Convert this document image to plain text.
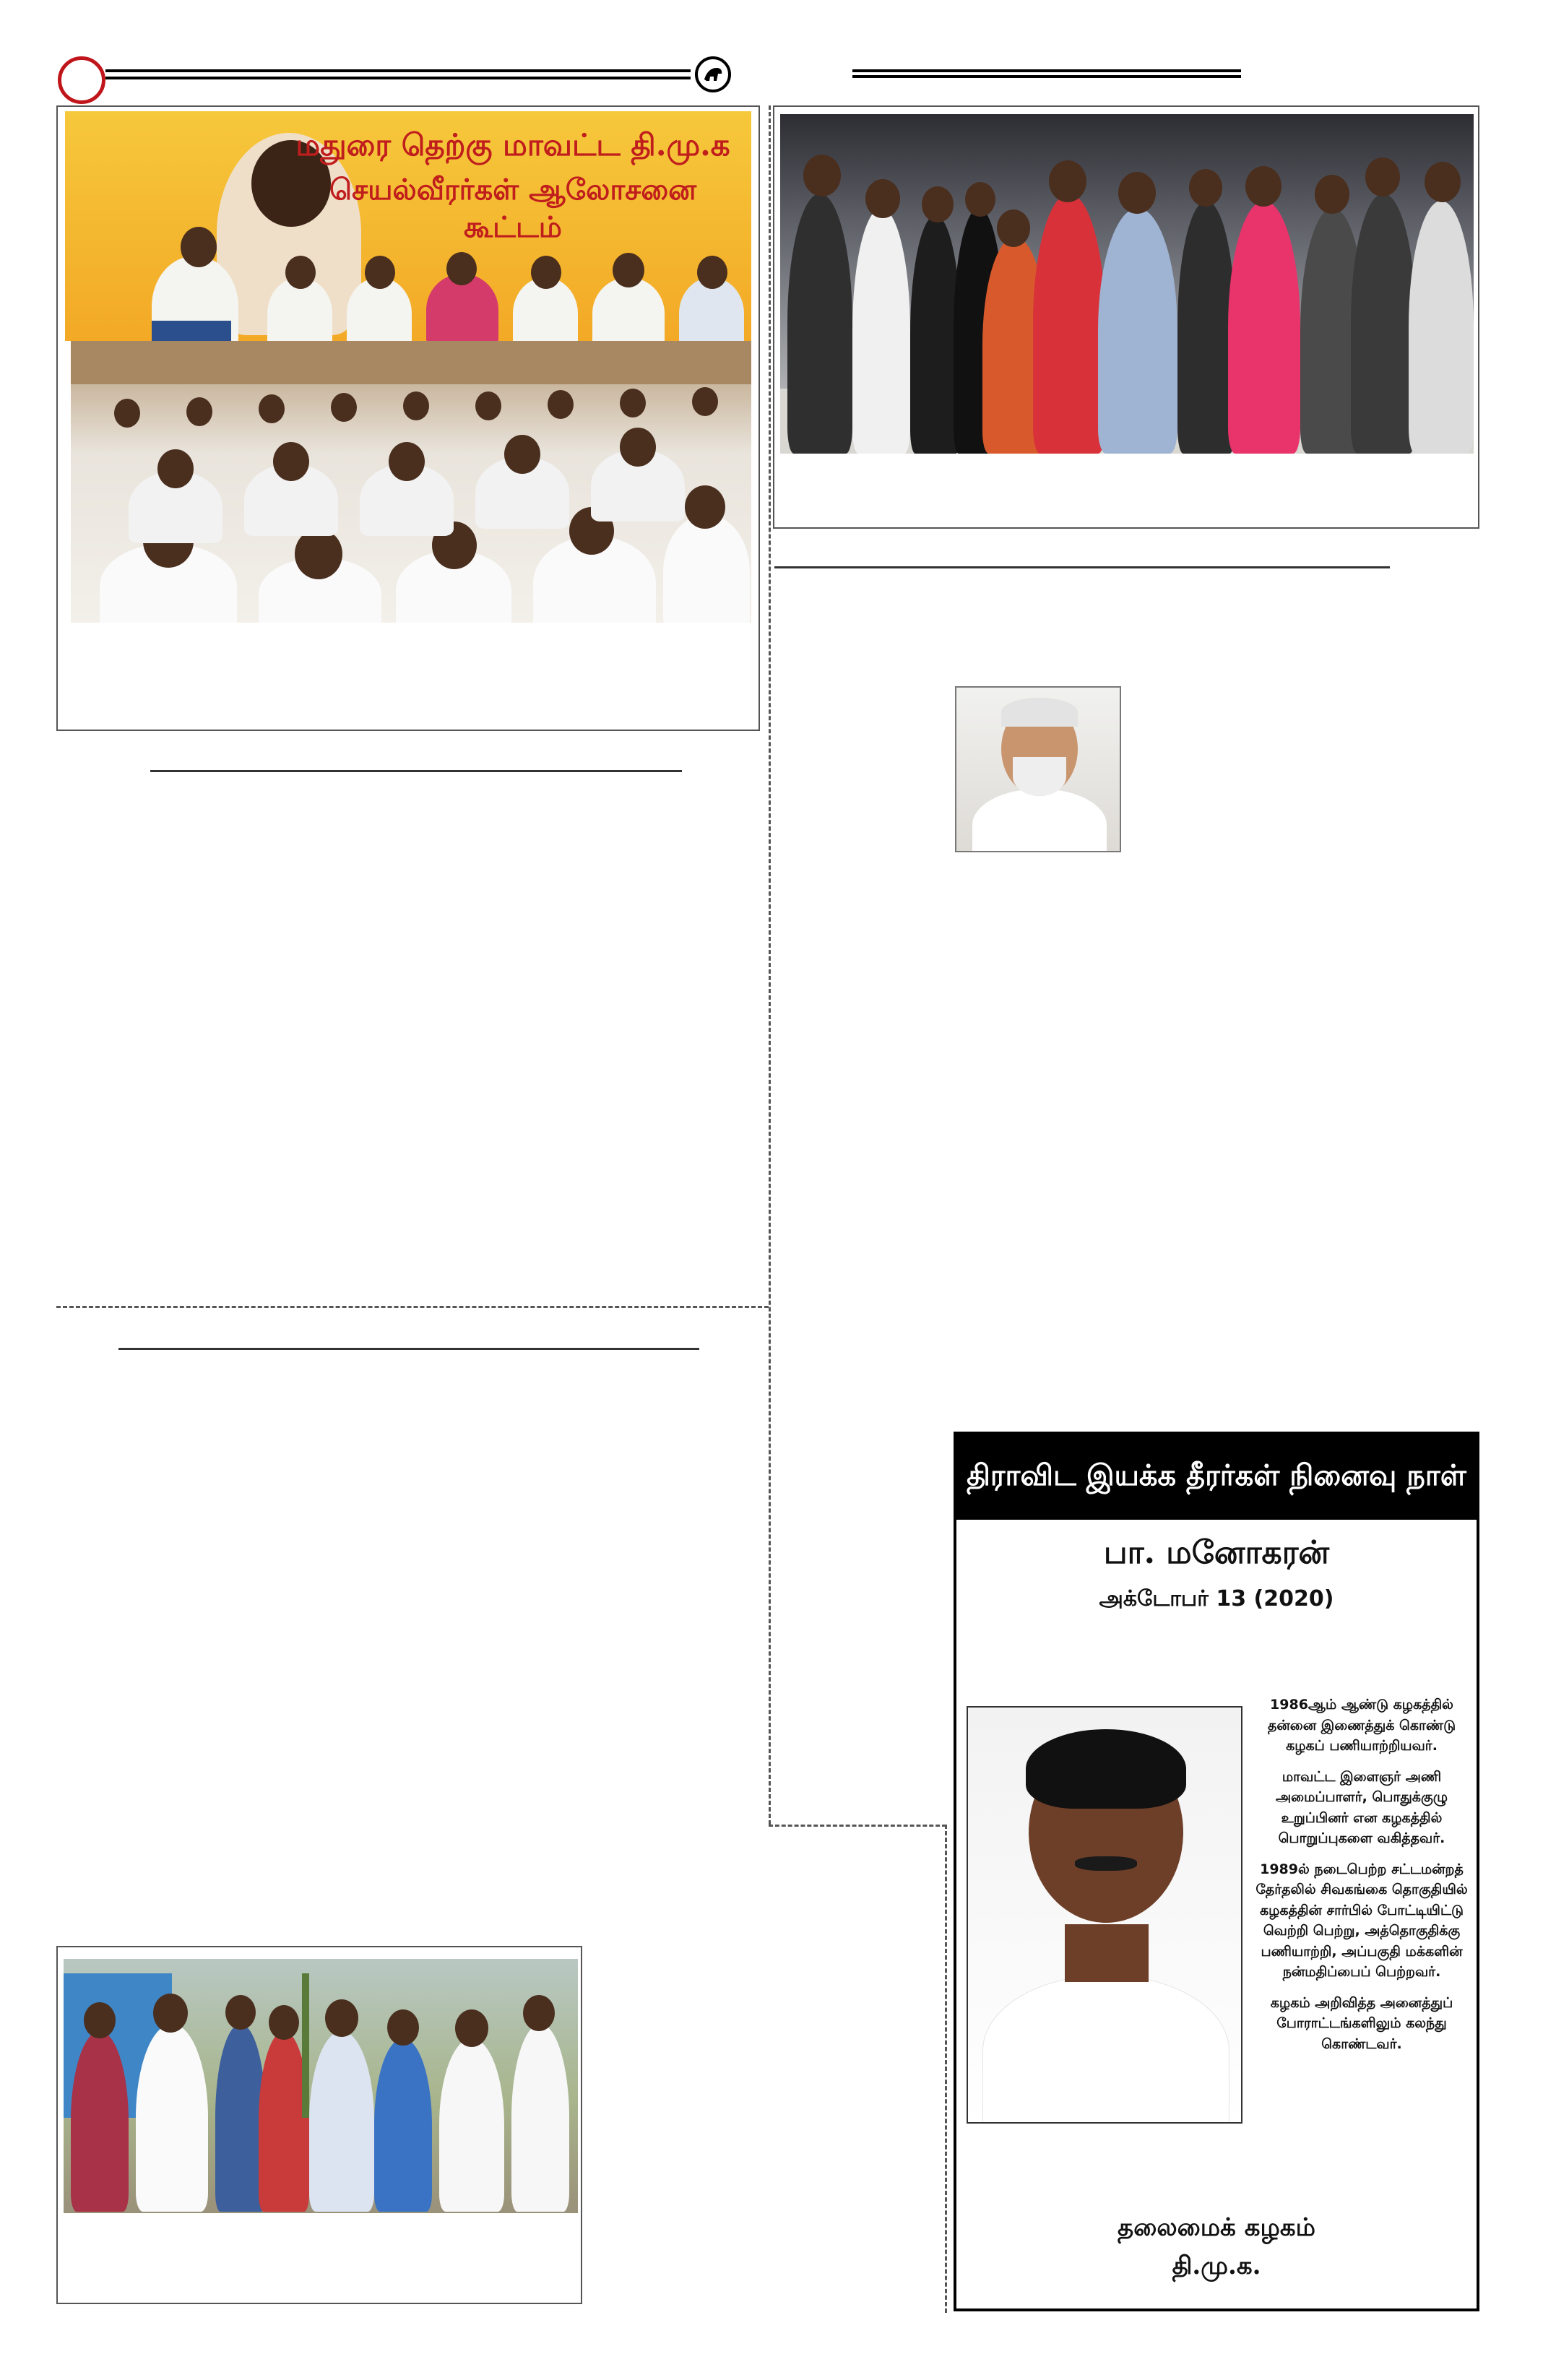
மதுரை தெற்கு மாவட்ட தி.மு.க
செயல்வீரர்கள் ஆலோசனை கூட்டம்
திராவிட இயக்க தீரர்கள் நினைவு நாள்
பா. மனோகரன்
அக்டோபர் 13 (2020)

1986ஆம் ஆண்டு கழகத்தில் தன்னை இணைத்துக் கொண்டு கழகப் பணியாற்றியவர்.

மாவட்ட இளைஞர் அணி அமைப்பாளர், பொதுக்குழு உறுப்பினர் என கழகத்தில் பொறுப்புகளை வகித்தவர்.

1989ல் நடைபெற்ற சட்டமன்றத் தேர்தலில் சிவகங்கை தொகுதியில் கழகத்தின் சார்பில் போட்டியிட்டு வெற்றி பெற்று, அத்தொகுதிக்கு பணியாற்றி, அப்பகுதி மக்களின் நன்மதிப்பைப் பெற்றவர்.

கழகம் அறிவித்த அனைத்துப் போராட்டங்களிலும் கலந்து கொண்டவர்.

தலைமைக் கழகம்
தி.மு.க.
